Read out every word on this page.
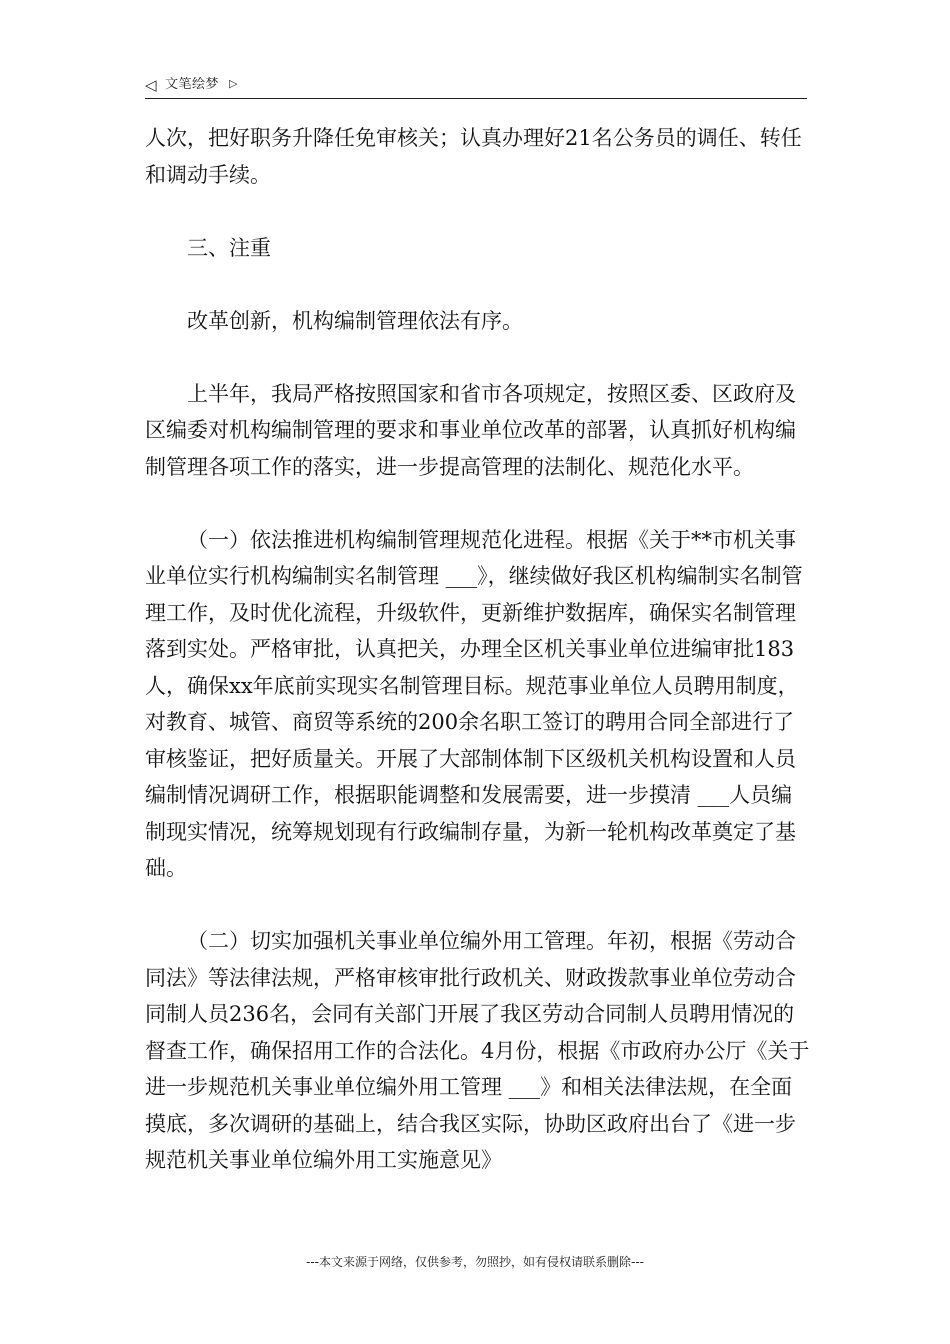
◁ 文笔绘梦 ▷

人次，把好职务升降任免审核关；认真办理好21名公务员的调任、转任和调动手续。

三、注重

改革创新，机构编制管理依法有序。

上半年，我局严格按照国家和省市各项规定，按照区委、区政府及区编委对机构编制管理的要求和事业单位改革的部署，认真抓好机构编制管理各项工作的落实，进一步提高管理的法制化、规范化水平。

（一）依法推进机构编制管理规范化进程。根据《关于**市机关事业单位实行机构编制实名制管理 ___》，继续做好我区机构编制实名制管理工作，及时优化流程，升级软件，更新维护数据库，确保实名制管理落到实处。严格审批，认真把关，办理全区机关事业单位进编审批183人，确保xx年底前实现实名制管理目标。规范事业单位人员聘用制度，对教育、城管、商贸等系统的200余名职工签订的聘用合同全部进行了审核鉴证，把好质量关。开展了大部制体制下区级机关机构设置和人员编制情况调研工作，根据职能调整和发展需要，进一步摸清 ___人员编制现实情况，统筹规划现有行政编制存量，为新一轮机构改革奠定了基础。

（二）切实加强机关事业单位编外用工管理。年初，根据《劳动合同法》等法律法规，严格审核审批行政机关、财政拨款事业单位劳动合同制人员236名，会同有关部门开展了我区劳动合同制人员聘用情况的督查工作，确保招用工作的合法化。4月份，根据《市政府办公厅《关于进一步规范机关事业单位编外用工管理 ___》和相关法律法规，在全面摸底，多次调研的基础上，结合我区实际，协助区政府出台了《进一步规范机关事业单位编外用工实施意见》

---本文来源于网络，仅供参考，勿照抄，如有侵权请联系删除---
